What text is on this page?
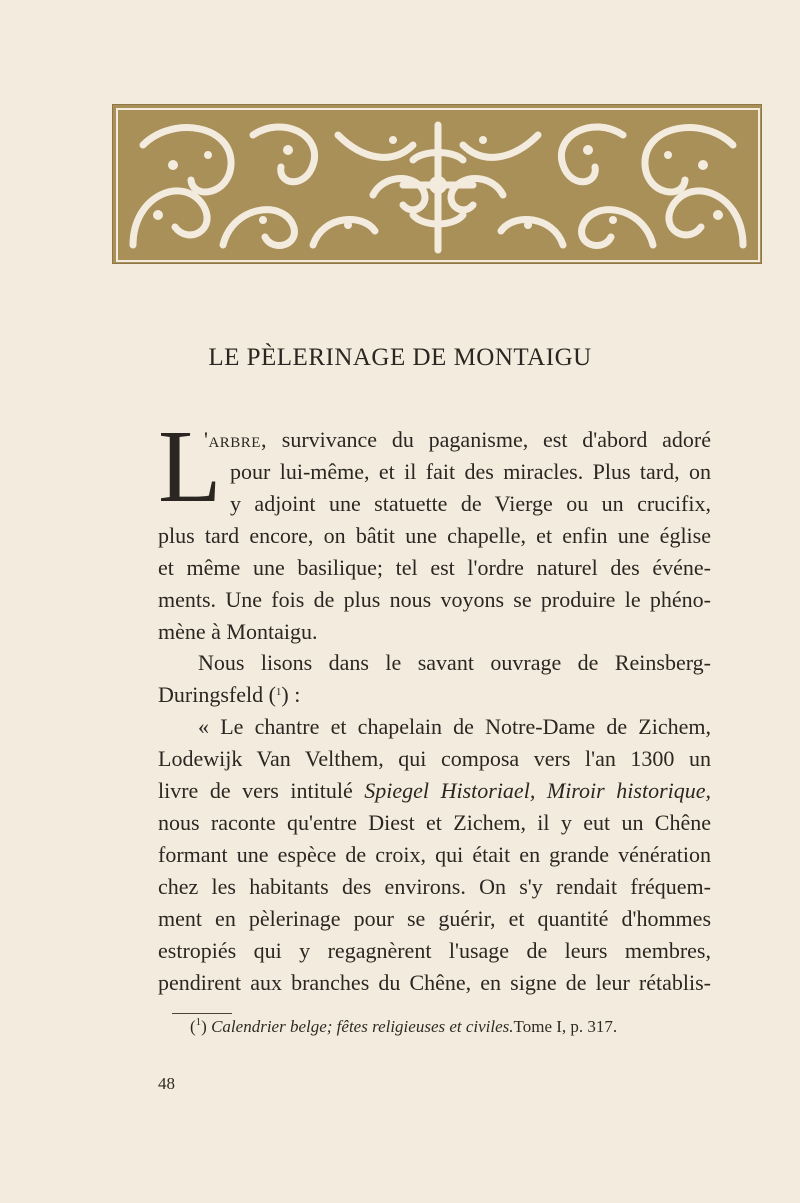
LE PÈLERINAGE DE MONTAIGU
L
'arbre, survivance du paganisme, est d'abord adoré
pour lui-même, et il fait des miracles. Plus tard, on
y adjoint une statuette de Vierge ou un crucifix,
plus tard encore, on bâtit une chapelle, et enfin une église
et même une basilique; tel est l'ordre naturel des événe-
ments. Une fois de plus nous voyons se produire le phéno-
mène à Montaigu.
Nous lisons dans le savant ouvrage de Reinsberg-
Duringsfeld ($^1$) :
« Le chantre et chapelain de Notre-Dame de Zichem,
Lodewijk Van Velthem, qui composa vers l'an 1300 un
livre de vers intitulé Spiegel Historiael, Miroir historique,
nous raconte qu'entre Diest et Zichem, il y eut un Chêne
formant une espèce de croix, qui était en grande vénération
chez les habitants des environs. On s'y rendait fréquem-
ment en pèlerinage pour se guérir, et quantité d'hommes
estropiés qui y regagnèrent l'usage de leurs membres,
pendirent aux branches du Chêne, en signe de leur rétablis-
($^1$) Calendrier belge; fêtes religieuses et civiles.Tome I, p. 317.
48
